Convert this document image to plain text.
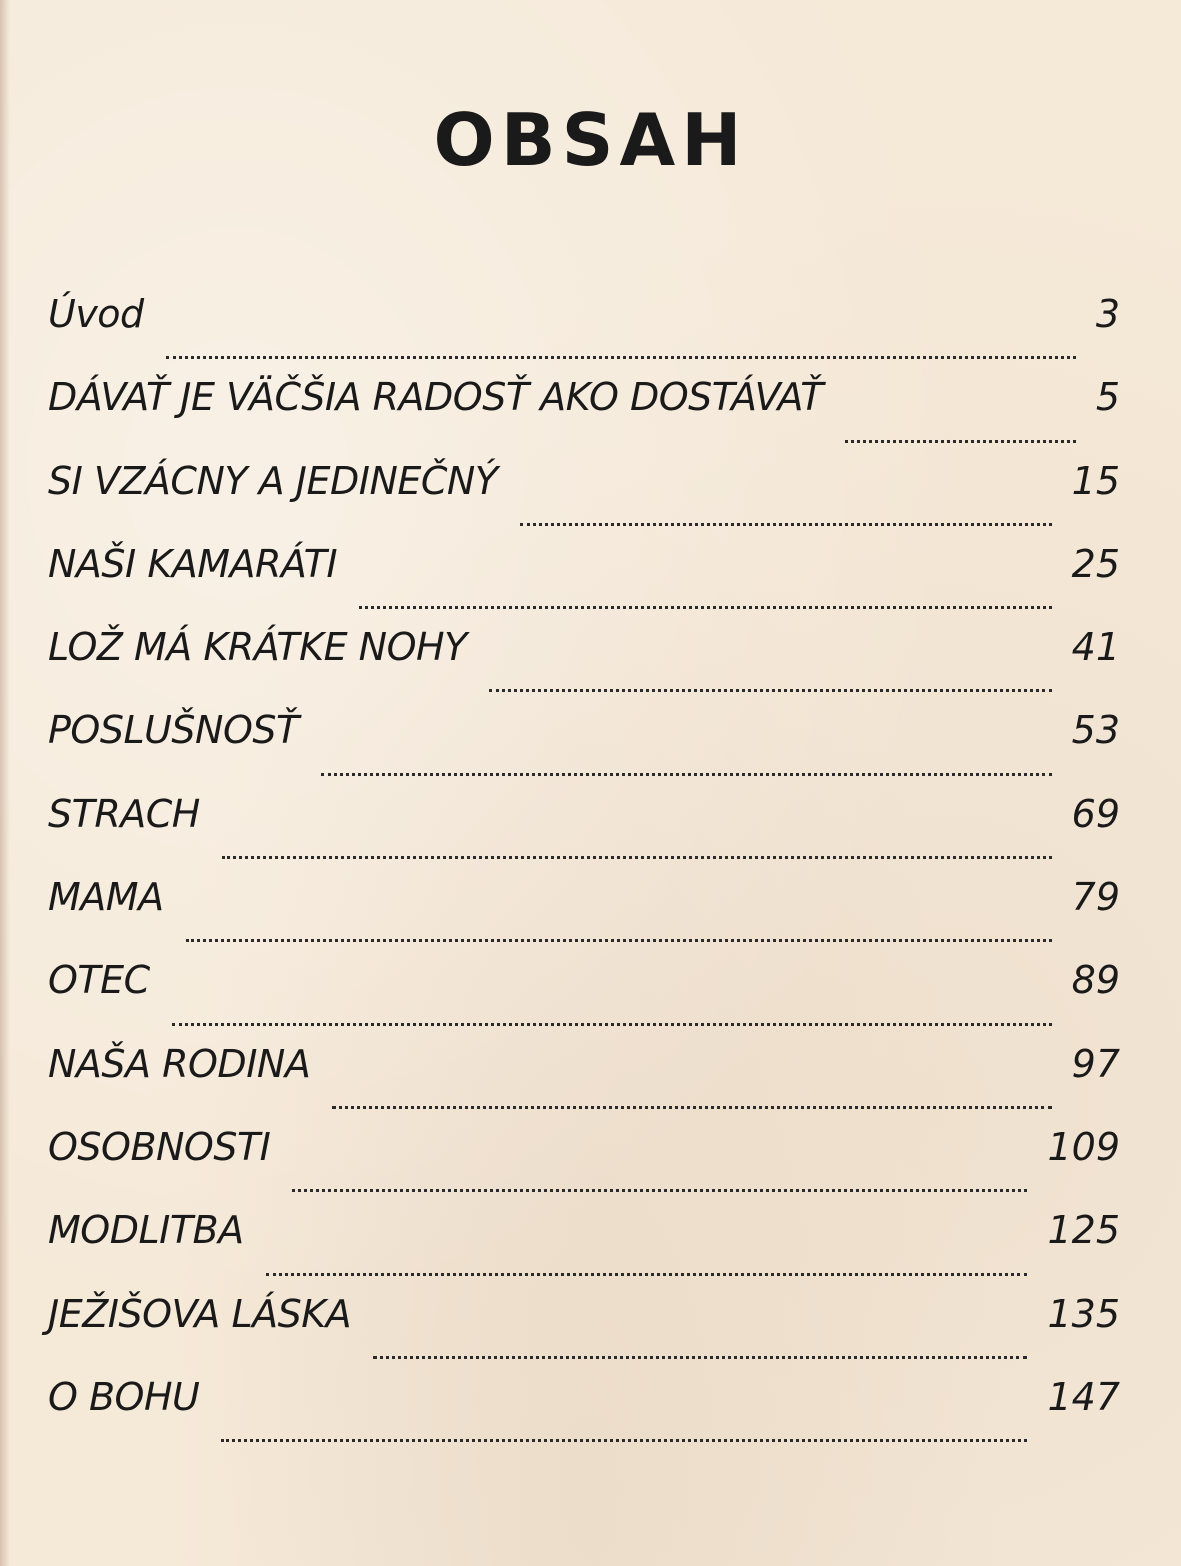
OBSAH
Úvod	3
DÁVAŤ JE VÄČŠIA RADOSŤ AKO DOSTÁVAŤ	5
SI VZÁCNY A JEDINEČNÝ	15
NAŠI KAMARÁTI	25
LOŽ MÁ KRÁTKE NOHY	41
POSLUŠNOSŤ	53
STRACH	69
MAMA	79
OTEC	89
NAŠA RODINA	97
OSOBNOSTI	109
MODLITBA	125
JEŽIŠOVA LÁSKA	135
O BOHU	147
